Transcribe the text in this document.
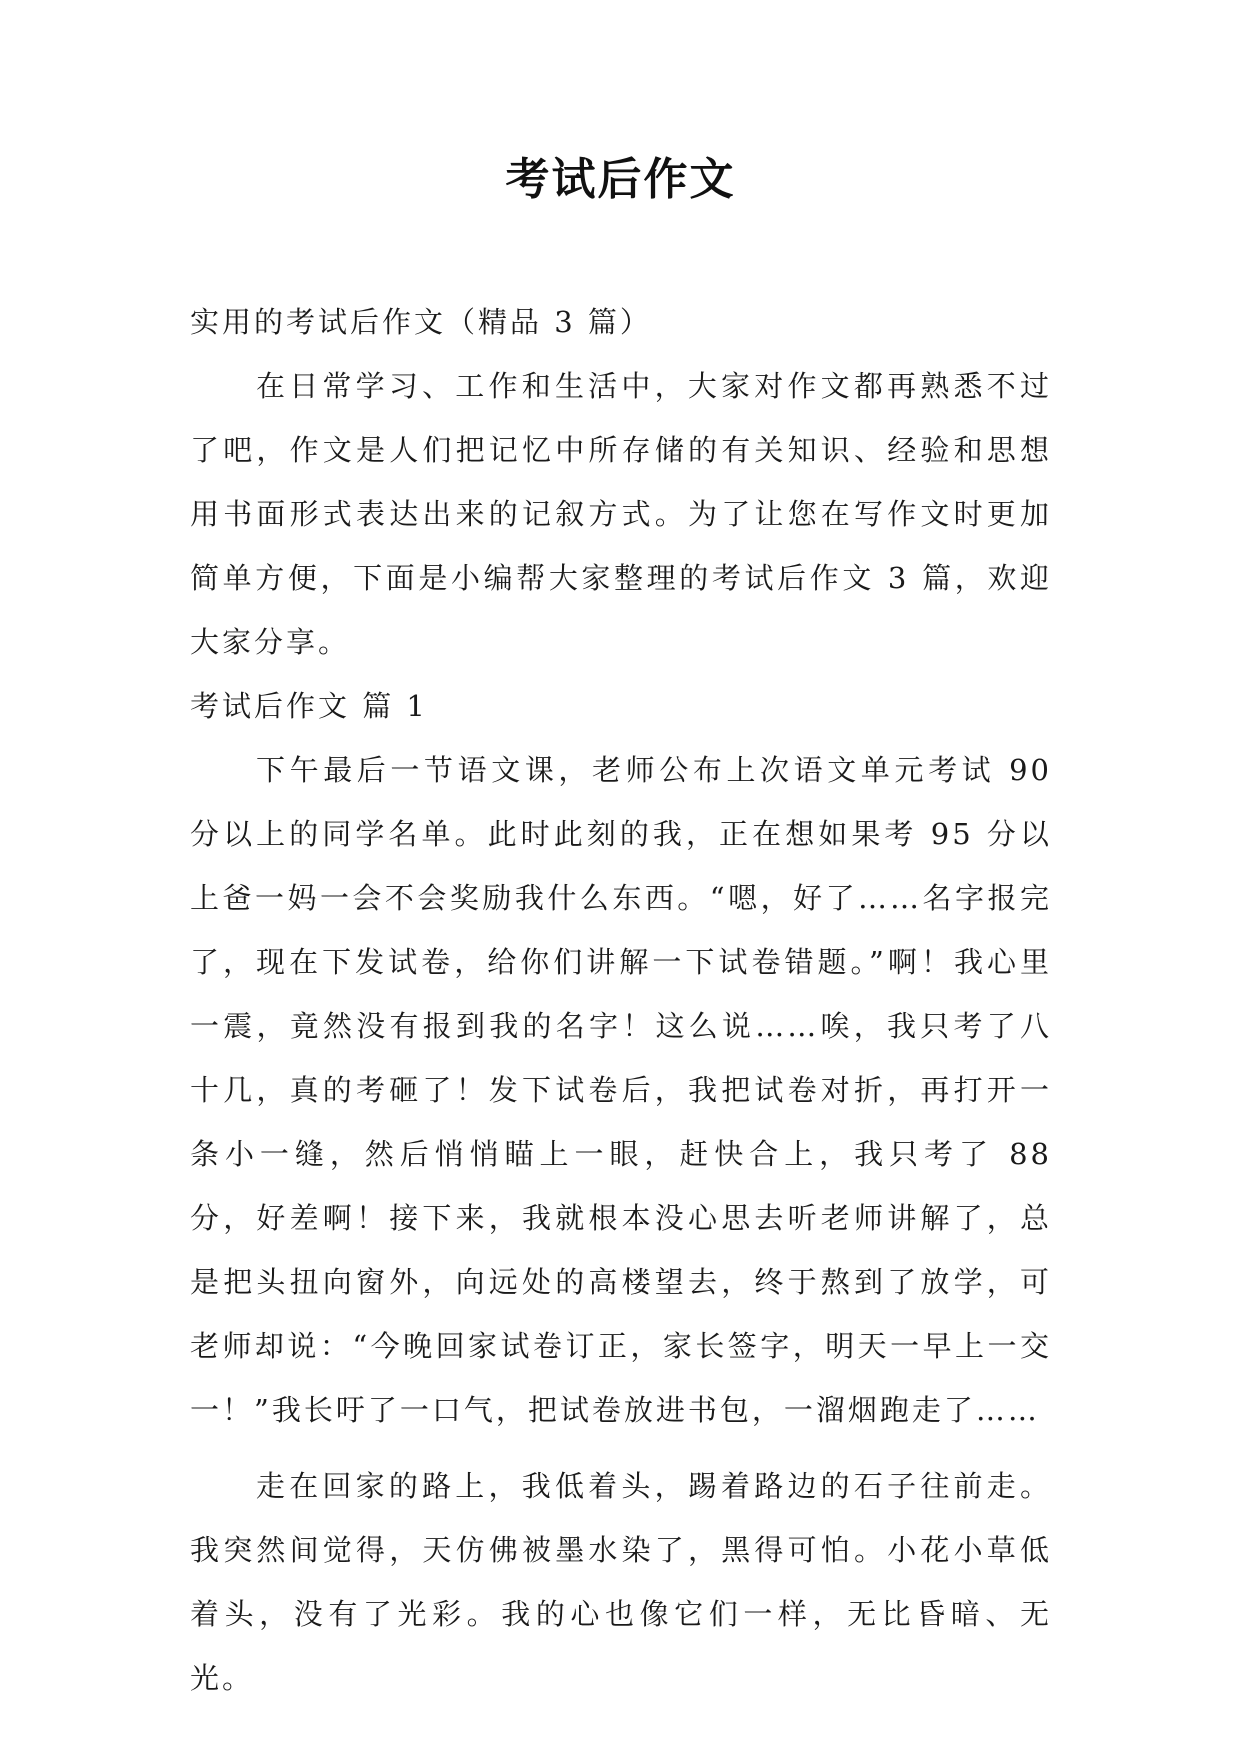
考试后作文

实用的考试后作文（精品 3 篇）

在日常学习、工作和生活中，大家对作文都再熟悉不过了吧，作文是人们把记忆中所存储的有关知识、经验和思想用书面形式表达出来的记叙方式。为了让您在写作文时更加简单方便，下面是小编帮大家整理的考试后作文 3 篇，欢迎大家分享。

考试后作文 篇 1

下午最后一节语文课，老师公布上次语文单元考试 90 分以上的同学名单。此时此刻的我，正在想如果考 95 分以上爸一妈一会不会奖励我什么东西。“嗯，好了……名字报完了，现在下发试卷，给你们讲解一下试卷错题。”啊！我心里一震，竟然没有报到我的名字！这么说……唉，我只考了八十几，真的考砸了！发下试卷后，我把试卷对折，再打开一条小一缝，然后悄悄瞄上一眼，赶快合上，我只考了 88 分，好差啊！接下来，我就根本没心思去听老师讲解了，总是把头扭向窗外，向远处的高楼望去，终于熬到了放学，可老师却说：“今晚回家试卷订正，家长签字，明天一早上一交一！”我长吁了一口气，把试卷放进书包，一溜烟跑走了……

走在回家的路上，我低着头，踢着路边的石子往前走。我突然间觉得，天仿佛被墨水染了，黑得可怕。小花小草低着头，没有了光彩。我的心也像它们一样，无比昏暗、无光。
